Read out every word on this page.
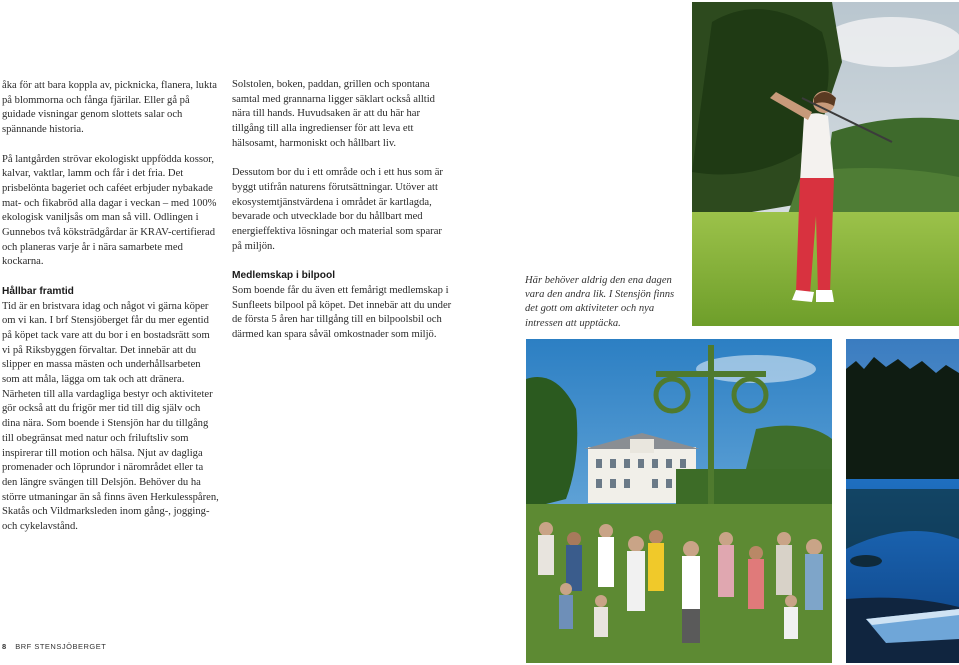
åka för att bara koppla av, picknicka, flanera, lukta på blommorna och fånga fjärilar. Eller gå på guidade visningar genom slottets salar och spännande historia.

På lantgården strövar ekologiskt uppfödda kossor, kalvar, vaktlar, lamm och får i det fria. Det prisbelönta bageriet och caféet erbjuder nybakade mat- och fikabröd alla dagar i veckan – med 100% ekologisk vaniljsås om man så vill. Odlingen i Gunnebos två köksträdgårdar är KRAV-certifierad och planeras varje år i nära samarbete med kockarna.

Hållbar framtid

Tid är en bristvara idag och något vi gärna köper om vi kan. I brf Stensjöberget får du mer egentid på köpet tack vare att du bor i en bostadsrätt som vi på Riksbyggen förvaltar. Det innebär att du slipper en massa mästen och underhållsarbeten som att måla, lägga om tak och att dränera. Närheten till alla vardagliga bestyr och aktiviteter gör också att du frigör mer tid till dig själv och dina nära. Som boende i Stensjön har du tillgång till obegränsat med natur och friluftsliv som inspirerar till motion och hälsa. Njut av dagliga promenader och löprundor i närområdet eller ta den längre svängen till Delsjön. Behöver du ha större utmaningar än så finns även Herkulesspåren, Skatås och Vildmarksleden inom gång-, jogging- och cykelavstånd.

Solstolen, boken, paddan, grillen och spontana samtal med grannarna ligger säklart också alltid nära till hands. Huvudsaken är att du här har tillgång till alla ingredienser för att leva ett hälsosamt, harmoniskt och hållbart liv.

Dessutom bor du i ett område och i ett hus som är byggt utifrån naturens förutsättningar. Utöver att ekosystemtjänstvärdena i området är kartlagda, bevarade och utvecklade bor du hållbart med energieffektiva lösningar och material som sparar på miljön.

Medlemskap i bilpool

Som boende får du även ett femårigt medlemskap i Sunfleets bilpool på köpet. Det innebär att du under de första 5 åren har tillgång till en bilpoolsbil och därmed kan spara såväl omkostnader som miljö.

Här behöver aldrig den ena dagen vara den andra lik. I Stensjön finns det gott om aktiviteter och nya intressen att upptäcka.
8 BRF STENSJÖBERGET
